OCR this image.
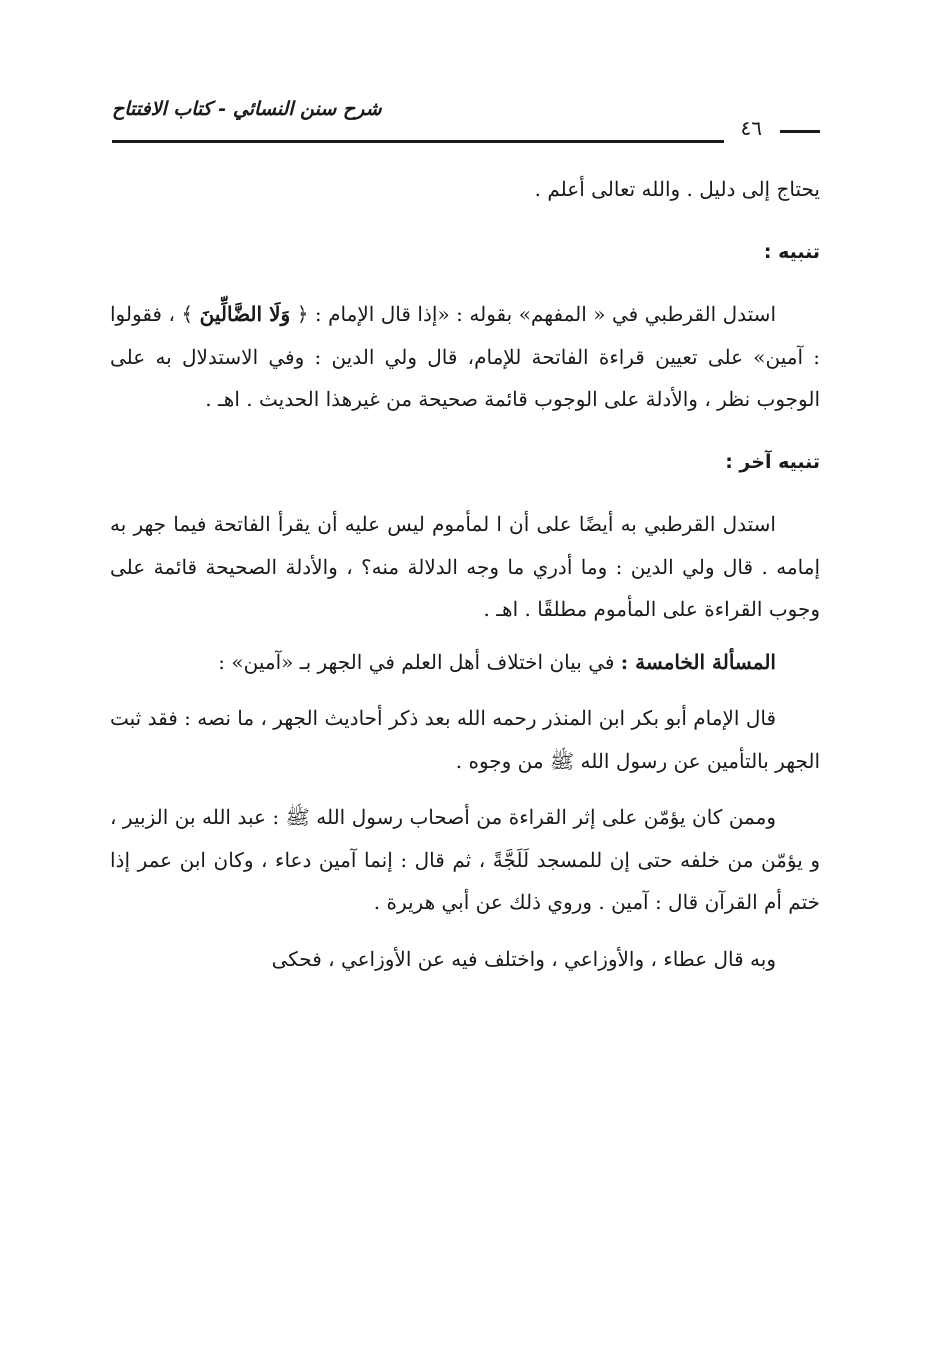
شرح سنن النسائي - كتاب الافتتاح
٤٦

يحتاج إلى دليل . والله تعالى أعلم .

تنبيه :

استدل القرطبي في « المفهم» بقوله : «إذا قال الإمام : ﴿ وَلَا الضَّالِّينَ ﴾ ، فقولوا : آمين» على تعيين قراءة الفاتحة للإمام، قال ولي الدين : وفي الاستدلال به على الوجوب نظر ، والأدلة على الوجوب قائمة صحيحة من غيرهذا الحديث . اهـ .

تنبيه آخر :

استدل القرطبي به أيضًا على أن ا لمأموم ليس عليه أن يقرأ الفاتحة فيما جهر به إمامه . قال ولي الدين : وما أدري ما وجه الدلالة منه؟ ، والأدلة الصحيحة قائمة على وجوب القراءة على المأموم مطلقًا . اهـ .

المسألة الخامسة : في بيان اختلاف أهل العلم في الجهر بـ «آمين» :

قال الإمام أبو بكر ابن المنذر رحمه الله بعد ذكر أحاديث الجهر ، ما نصه : فقد ثبت الجهر بالتأمين عن رسول الله ﷺ من وجوه .

وممن كان يؤمّن على إثر القراءة من أصحاب رسول الله ﷺ : عبد الله بن الزبير ، و يؤمّن من خلفه حتى إن للمسجد لَلَجَّةً ، ثم قال : إنما آمين دعاء ، وكان ابن عمر إذا ختم أم القرآن قال : آمين . وروي ذلك عن أبي هريرة .

وبه قال عطاء ، والأوزاعي ، واختلف فيه عن الأوزاعي ، فحكى
